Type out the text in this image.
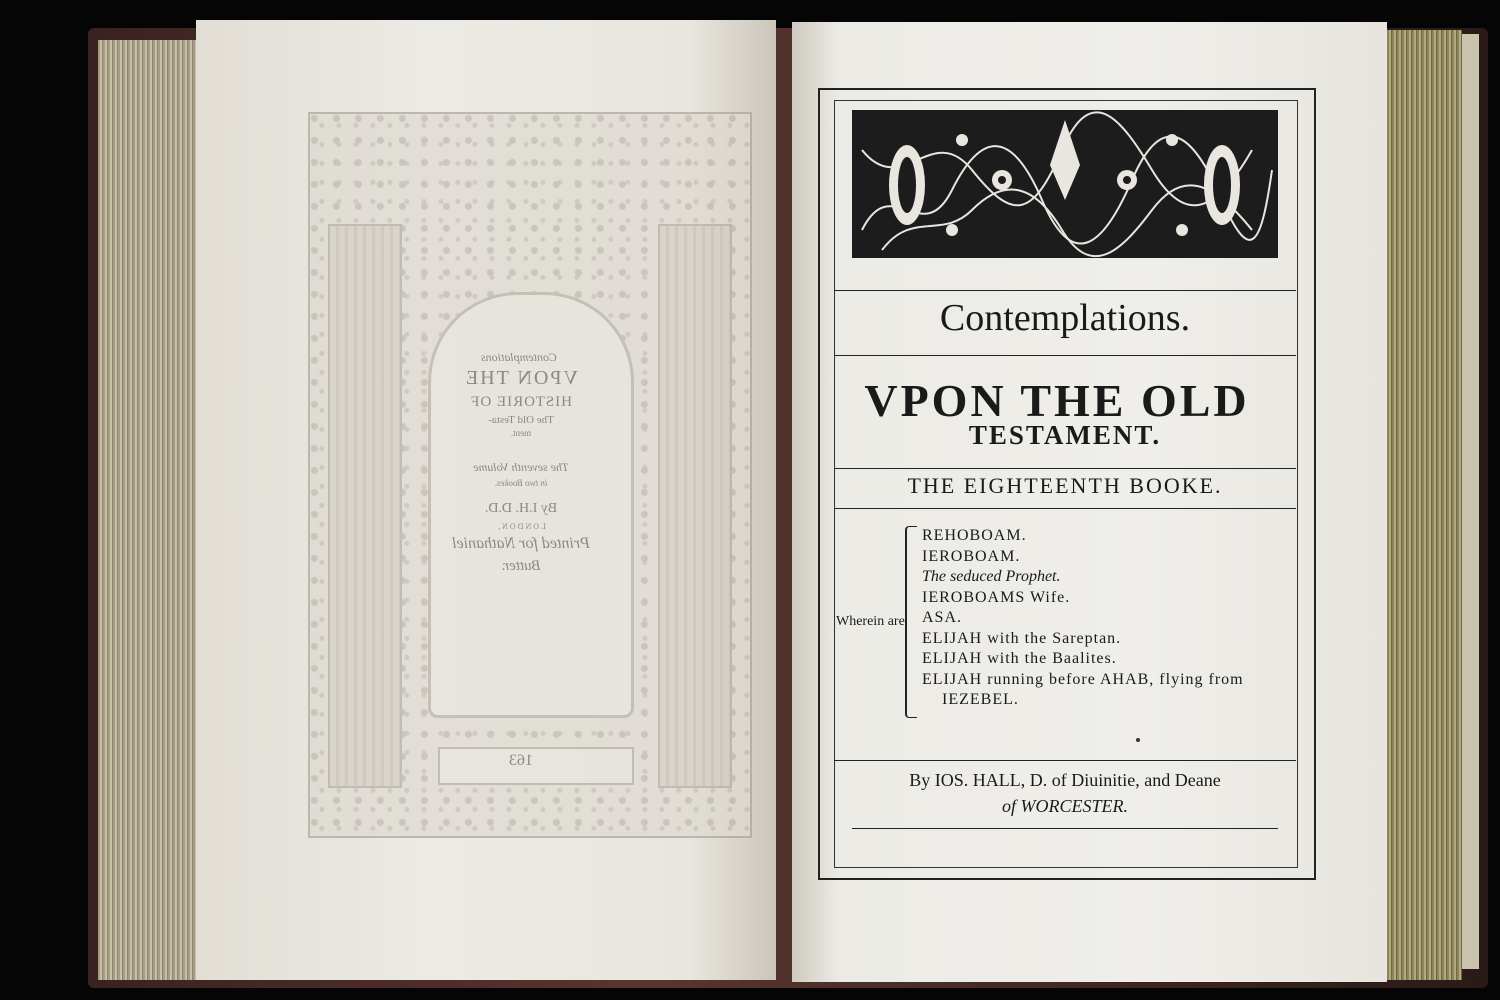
Contemplations
VPON THE
HISTORIE OF
The Old Testa-
ment.
The seventh Volume
in two Bookes.
By I.H. D.D.
LONDON,
Printed for Nathaniel
Butter.
163
Contemplations.
VPON THE OLD
TESTAMENT.
THE EIGHTEENTH BOOKE.
Wherein are
REHOBOAM.
IEROBOAM.
The seduced Prophet.
IEROBOAMS Wife.
ASA.
ELIJAH with the Sareptan.
ELIJAH with the Baalites.
ELIJAH running before AHAB, flying from
IEZEBEL.
By IOS. HALL, D. of Diuinitie, and Deane
of WORCESTER.
